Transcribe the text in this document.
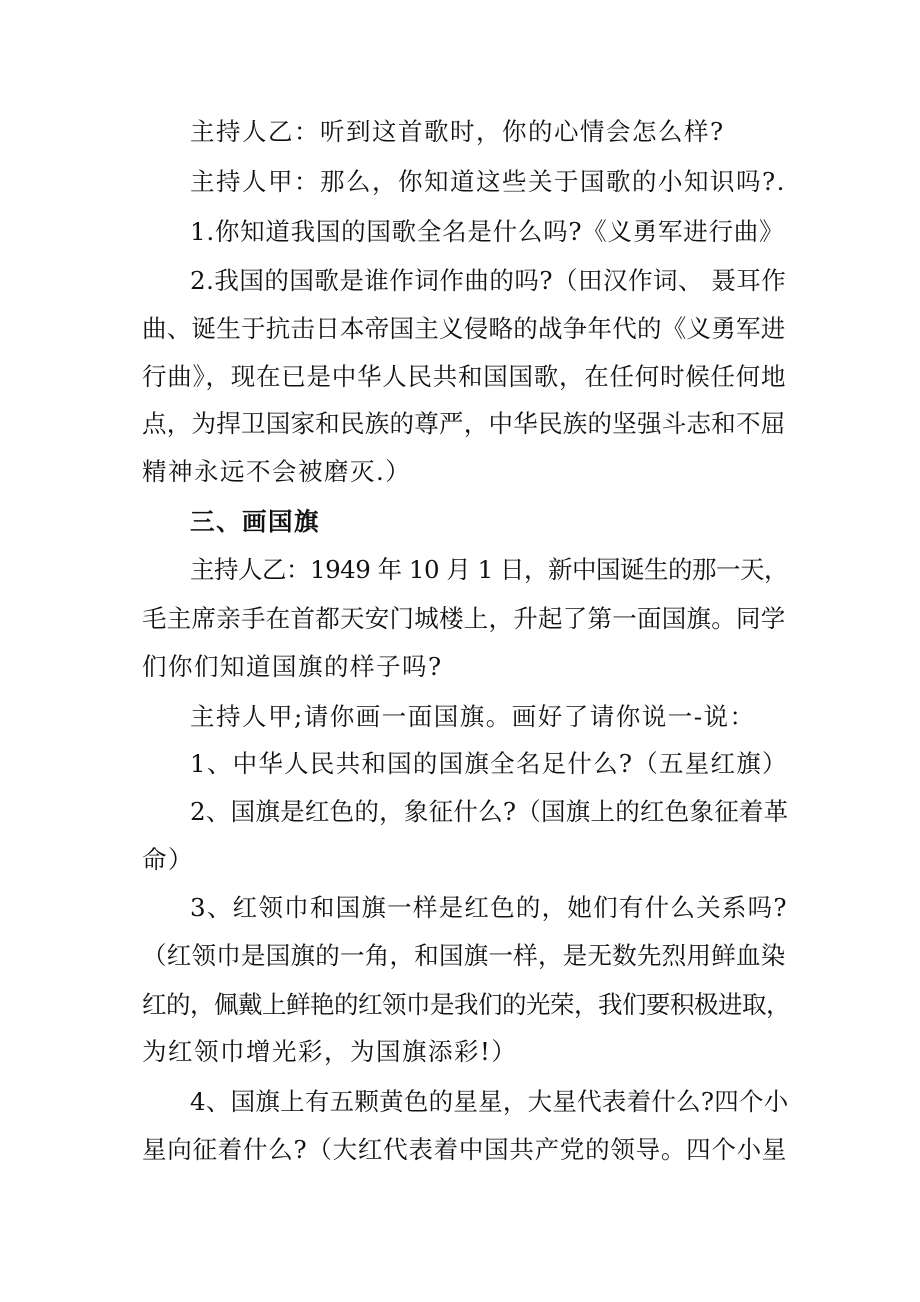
主持人乙：听到这首歌时，你的心情会怎么样?
主持人甲：那么，你知道这些关于国歌的小知识吗?.
1.你知道我国的国歌全名是什么吗?《义勇军进行曲》
2.我国的国歌是谁作词作曲的吗?（田汉作词、 聂耳作
曲、诞生于抗击日本帝国主义侵略的战争年代的《义勇军进
行曲》，现在已是中华人民共和国国歌，在任何时候任何地
点，为捍卫国家和民族的尊严，中华民族的坚强斗志和不屈
精神永远不会被磨灭.）
三、画国旗
主持人乙：1949 年 10 月 1 日，新中国诞生的那一天，
毛主席亲手在首都天安门城楼上，升起了第一面国旗。同学
们你们知道国旗的样子吗?
主持人甲;请你画一面国旗。画好了请你说一-说：
1、中华人民共和国的国旗全名足什么?（五星红旗）
2、国旗是红色的，象征什么?（国旗上的红色象征着革
命）
3、红领巾和国旗一样是红色的，她们有什么关系吗?
（红领巾是国旗的一角，和国旗一样，是无数先烈用鲜血染
红的，佩戴上鲜艳的红领巾是我们的光荣，我们要积极进取，
为红领巾增光彩，为国旗添彩!）
4、国旗上有五颗黄色的星星，大星代表着什么?四个小
星向征着什么?（大红代表着中国共产党的领导。四个小星
